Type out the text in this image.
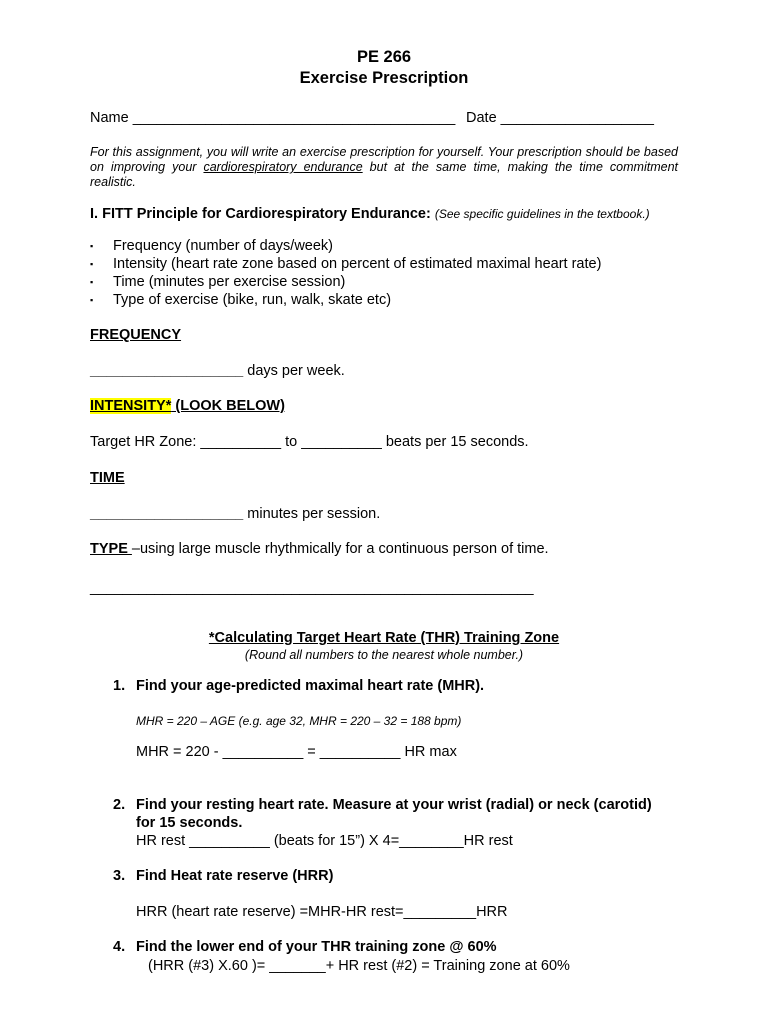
PE 266
Exercise Prescription
Name ________________________________________ Date ___________________
For this assignment, you will write an exercise prescription for yourself. Your prescription should be based on improving your cardiorespiratory endurance but at the same time, making the time commitment realistic.
I. FITT Principle for Cardiorespiratory Endurance: (See specific guidelines in the textbook.)
▪ Frequency (number of days/week)
▪ Intensity (heart rate zone based on percent of estimated maximal heart rate)
▪ Time (minutes per exercise session)
▪ Type of exercise (bike, run, walk, skate etc)
FREQUENCY
___________________ days per week.
INTENSITY* (LOOK BELOW)
Target HR Zone: __________ to __________ beats per 15 seconds.
TIME
___________________ minutes per session.
TYPE –using large muscle rhythmically for a continuous person of time.
_______________________________________________________
*Calculating Target Heart Rate (THR) Training Zone
(Round all numbers to the nearest whole number.)
1. Find your age-predicted maximal heart rate (MHR).
MHR = 220 – AGE (e.g. age 32, MHR = 220 – 32 = 188 bpm)
MHR = 220 - __________ = __________ HR max
2. Find your resting heart rate. Measure at your wrist (radial) or neck (carotid)
for 15 seconds.
HR rest __________ (beats for 15”) X 4=________HR rest
3. Find Heat rate reserve (HRR)
HRR (heart rate reserve) =MHR-HR rest=_________HRR
4. Find the lower end of your THR training zone @ 60%
(HRR (#3) X.60 )= _______+ HR rest (#2) = Training zone at 60%
